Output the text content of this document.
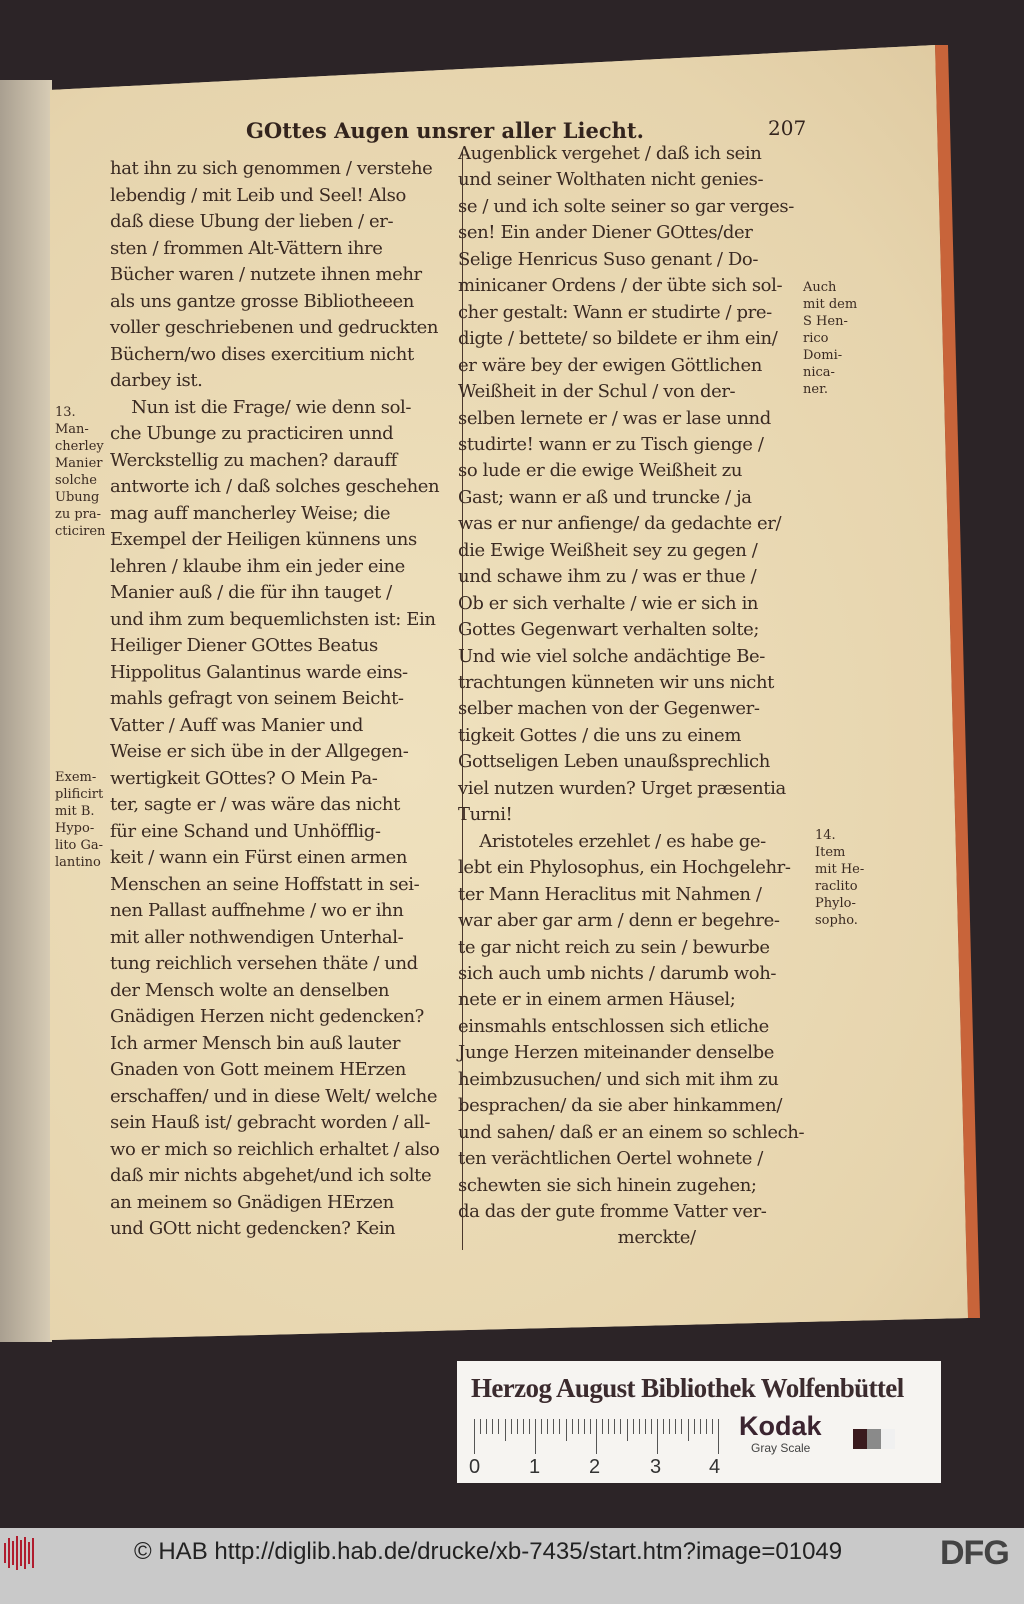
GOttes Augen unsrer aller Liecht.	207
hat ihn zu sich genommen / verstehe
lebendig / mit Leib und Seel! Also
daß diese Ubung der lieben / er-
sten / frommen Alt-Vättern ihre
Bücher waren / nutzete ihnen mehr
als uns gantze grosse Bibliotheeen
voller geschriebenen und gedruckten
Büchern/wo dises exercitium nicht
darbey ist.
Nun ist die Frage/ wie denn sol-
che Ubunge zu practiciren unnd
Werckstellig zu machen? darauff
antworte ich / daß solches geschehen
mag auff mancherley Weise; die
Exempel der Heiligen künnens uns
lehren / klaube ihm ein jeder eine
Manier auß / die für ihn tauget /
und ihm zum bequemlichsten ist: Ein
Heiliger Diener GOttes Beatus
Hippolitus Galantinus warde eins-
mahls gefragt von seinem Beicht-
Vatter / Auff was Manier und
Weise er sich übe in der Allgegen-
wertigkeit GOttes? O Mein Pa-
ter, sagte er / was wäre das nicht
für eine Schand und Unhöfflig-
keit / wann ein Fürst einen armen
Menschen an seine Hoffstatt in sei-
nen Pallast auffnehme / wo er ihn
mit aller nothwendigen Unterhal-
tung reichlich versehen thäte / und
der Mensch wolte an denselben
Gnädigen Herzen nicht gedencken?
Ich armer Mensch bin auß lauter
Gnaden von Gott meinem HErzen
erschaffen/ und in diese Welt/ welche
sein Hauß ist/ gebracht worden / all-
wo er mich so reichlich erhaltet / also
daß mir nichts abgehet/und ich solte
an meinem so Gnädigen HErzen
und GOtt nicht gedencken? Kein
Augenblick vergehet / daß ich sein
und seiner Wolthaten nicht genies-
se / und ich solte seiner so gar verges-
sen! Ein ander Diener GOttes/der
Selige Henricus Suso genant / Do-
minicaner Ordens / der übte sich sol-
cher gestalt: Wann er studirte / pre-
digte / bettete/ so bildete er ihm ein/
er wäre bey der ewigen Göttlichen
Weißheit in der Schul / von der-
selben lernete er / was er lase unnd
studirte! wann er zu Tisch gienge /
so lude er die ewige Weißheit zu
Gast; wann er aß und truncke / ja
was er nur anfienge/ da gedachte er/
die Ewige Weißheit sey zu gegen /
und schawe ihm zu / was er thue /
Ob er sich verhalte / wie er sich in
Gottes Gegenwart verhalten solte;
Und wie viel solche andächtige Be-
trachtungen künneten wir uns nicht
selber machen von der Gegenwer-
tigkeit Gottes / die uns zu einem
Gottseligen Leben unaußsprechlich
viel nutzen wurden? Urget præsentia
Turni!
Aristoteles erzehlet / es habe ge-
lebt ein Phylosophus, ein Hochgelehr-
ter Mann Heraclitus mit Nahmen /
war aber gar arm / denn er begehre-
te gar nicht reich zu sein / bewurbe
sich auch umb nichts / darumb woh-
nete er in einem armen Häusel;
einsmahls entschlossen sich etliche
Junge Herzen miteinander denselbe
heimbzusuchen/ und sich mit ihm zu
besprachen/ da sie aber hinkammen/
und sahen/ daß er an einem so schlech-
ten verächtlichen Oertel wohnete /
schewten sie sich hinein zugehen;
da das der gute fromme Vatter ver-
merckte/
13.
Man-
cherley
Manier
solche
Ubung
zu pra-
cticiren
Exem-
plificirt
mit B.
Hypo-
lito Ga-
lantino
Auch
mit dem
S Hen-
rico
Domi-
nica-
ner.
14.
Item
mit He-
raclito
Phylo-
sopho.
Herzog August Bibliothek Wolfenbüttel
0 1 2 3 4
Kodak
Gray Scale
© HAB http://diglib.hab.de/drucke/xb-7435/start.htm?image=01049	DFG
